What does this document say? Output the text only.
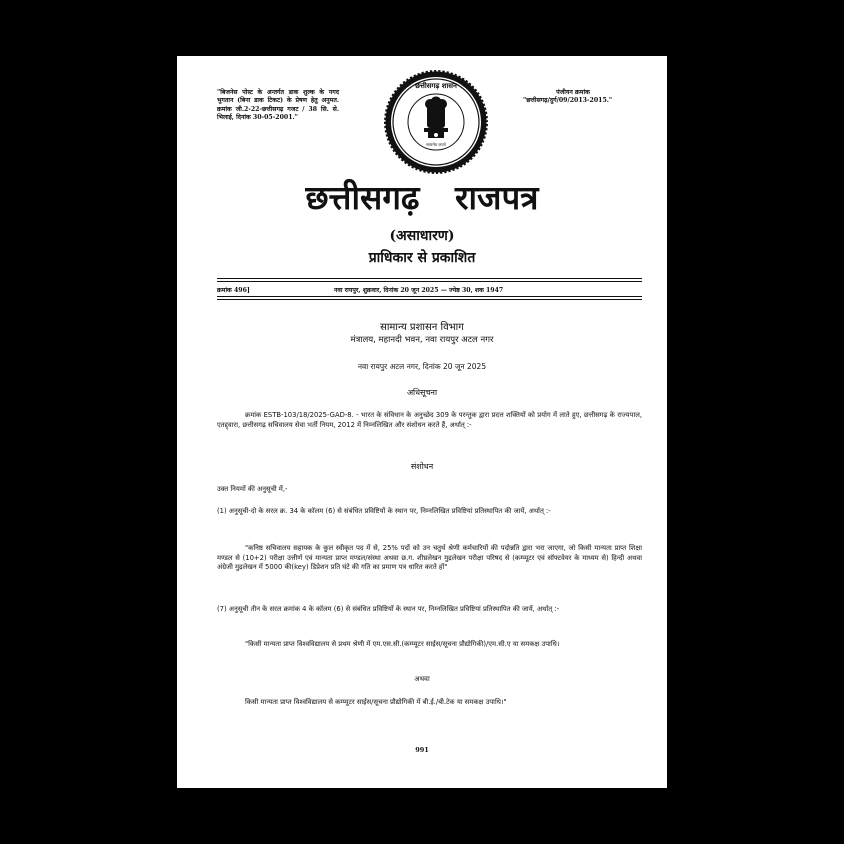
"बिजनेस पोस्ट के अन्तर्गत डाक शुल्क के नगद भुगतान (बिना डाक टिकट) के प्रेषण हेतु अनुमत. क्रमांक जी.2-22-छत्तीसगढ़ गजट / 38 सि. से. भिलाई, दिनांक 30-05-2001."
पंजीयन क्रमांक
"छत्तीसगढ़/दुर्ग/09/2013-2015."
सत्यमेव जयते
छत्तीसगढ़ शासन
छत्तीसगढ़ राजपत्र
(असाधारण)
प्राधिकार से प्रकाशित
क्रमांक 496]	नवा रायपुर, शुक्रवार, दिनांक 20 जून 2025 — ज्येष्ठ 30, शक 1947
सामान्य प्रशासन विभाग
मंत्रालय, महानदी भवन, नवा रायपुर अटल नगर
नवा रायपुर अटल नगर, दिनांक 20 जून 2025
अधिसूचना
क्रमांक ESTB-103/18/2025-GAD-8. - भारत के संविधान के अनुच्छेद 309 के परन्तुक द्वारा प्रदत्त शक्तियों को प्रयोग में लाते हुए, छत्तीसगढ़ के राज्यपाल, एतद्द्वारा, छत्तीसगढ़ सचिवालय सेवा भर्ती नियम, 2012 में निम्नलिखित और संशोधन करते हैं, अर्थात् :-
संशोधन
उक्त नियमों की अनुसूची में,-
(1) अनुसूची-दो के सरल क्र. 34 के कॉलम (6) से संबंधित प्रविष्टियों के स्थान पर, निम्नलिखित प्रविष्टियां प्रतिस्थापित की जायें, अर्थात् :-
"कनिष्ठ सचिवालय सहायक के कुल स्वीकृत पद में से, 25% पदों को उन चतुर्थ श्रेणी कर्मचारियों की पदोन्नति द्वारा भरा जाएगा, जो किसी मान्यता प्राप्त शिक्षा मण्डल से (10+2) परीक्षा उत्तीर्ण एवं मान्यता प्राप्त मण्डल/संस्था अथवा छ.ग. शीघ्रलेखन मुद्रलेखन परीक्षा परिषद से (कम्प्यूटर एवं सॉफ्टवेयर के माध्यम से) हिन्दी अथवा अंग्रेजी मुद्रलेखन में 5000 की(key) डिप्रेशन प्रति घंटे की गति का प्रमाण पत्र धारित करते हों"
(7) अनुसूची तीन के सरल क्रमांक 4 के कॉलम (6) से संबंधित प्रविष्टियों के स्थान पर, निम्नलिखित प्रविष्टियां प्रतिस्थापित की जायें, अर्थात् :-
"किसी मान्यता प्राप्त विश्वविद्यालय से प्रथम श्रेणी में एम.एस.सी.(कम्प्यूटर साईस/सूचना प्रौद्योगिकी)/एम.सी.ए या समकक्ष उपाधि।
अथवा
किसी मान्यता प्राप्त विश्वविद्यालय से कम्प्यूटर साईस/सूचना प्रौद्योगिकी में बी.ई./बी.टेक या समकक्ष उपाधि।"
991
